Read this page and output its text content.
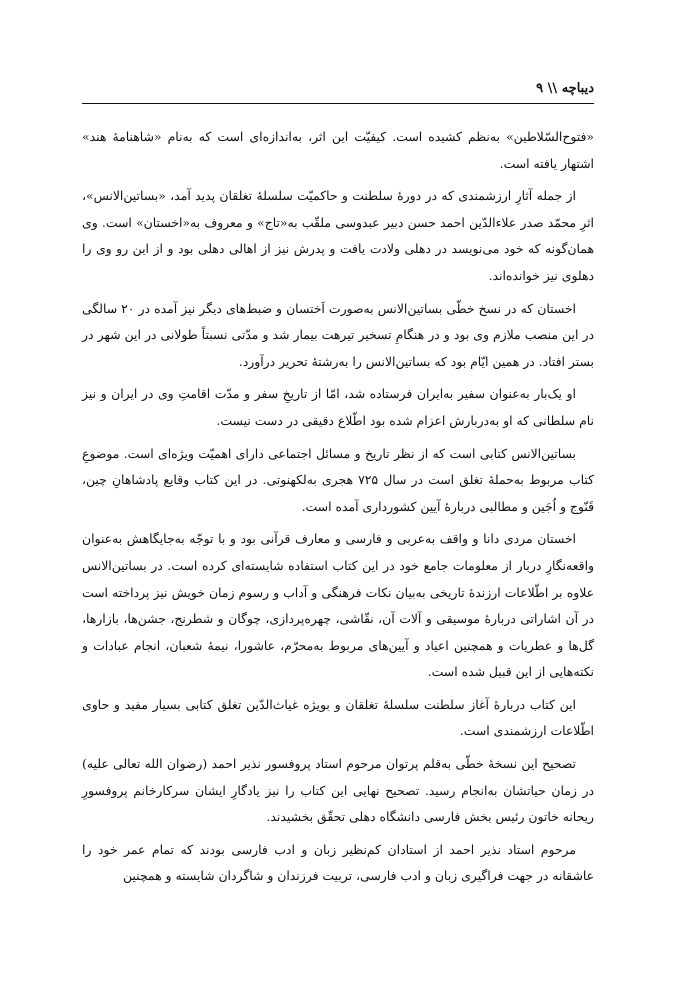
دیباچه \\ ۹

«فتوح‌السّلاطین» به‌نظم کشیده است. کیفیّت این اثر، به‌اندازه‌ای است که به‌نام «شاهنامهٔ هند» اشتهار یافته است.

از جمله آثارِ ارزشمندی که در دورهٔ سلطنت و حاکمیّت سلسلهٔ تغلقان پدید آمد، «بساتین‌الانس»، اثرِ محمّد صدر علاءالدّین احمد حسن دبیر عبدوسی ملقّب به«تاج» و معروف به«اخستان» است. وی همان‌گونه که خود می‌نویسد در دهلی ولادت یافت و پدرش نیز از اهالی دهلی بود و از این رو وی را دهلوی نیز خوانده‌اند.

اخستان که در نسخ خطّی بساتین‌الانس به‌صورت اَختسان و ضبط‌های دیگر نیز آمده در ۲۰ سالگی در این منصب ملازم وی بود و در هنگامِ تسخیر تیرهت بیمار شد و مدّتی نسبتاً طولانی در این شهر در بستر افتاد. در همین ایّام بود که بساتین‌الانس را به‌رشتهٔ تحریر درآورد.

او یک‌بار به‌عنوان سفیر به‌ایران فرستاده شد، امّا از تاریخِ سفر و مدّت اقامتِ وی در ایران و نیز نام سلطانی که او به‌دربارش اعزام شده بود اطّلاع دقیقی در دست نیست.

بساتین‌الانس کتابی است که از نظر تاریخ و مسائل اجتماعی دارای اهمیّت ویژه‌ای است. موضوعِ کتاب مربوط به‌حملهٔ تغلق است در سال ۷۲۵ هجری به‌لکهنوتی. در این کتاب وقایع پادشاهانِ چین، قَنّوج و اُجَین و مطالبی دربارهٔ آیین کشورداری آمده است.

اخستان مردی دانا و واقف به‌عربی و فارسی و معارف قرآنی بود و با توجّه به‌جایگاهش به‌عنوان واقعه‌نگارِ دربار از معلومات جامع خود در این کتاب استفاده شایسته‌ای کرده است. در بساتین‌الانس علاوه بر اطّلاعات ارزندهٔ تاریخی به‌بیان نکات فرهنگی و آداب و رسوم زمان خویش نیز پرداخته است در آن اشاراتی دربارهٔ موسیقی و آلات آن، نقّاشی، چهره‌پردازی، چوگان و شطرنج، جشن‌ها، بازارها، گل‌ها و عطریات و همچنین اعیاد و آیین‌های مربوط به‌محرّم، عاشورا، نیمهٔ شعبان، انجام عبادات و نکته‌هایی از این قبیل شده است.

این کتاب دربارهٔ آغاز سلطنت سلسلهٔ تغلقان و بویژه غیاث‌الدّین تغلق کتابی بسیار مفید و حاوی اطّلاعات ارزشمندی است.

تصحیح این نسخهٔ خطّی به‌قلم پرتوان مرحوم استاد پروفسور نذیر احمد (رضوان الله تعالی علیه) در زمان حیاتشان به‌انجام رسید. تصحیح نهایی این کتاب را نیز یادگارِ ایشان سرکارخانم پروفسورِ ریحانه خاتون رئیس بخش فارسی دانشگاه دهلی تحقّق بخشیدند.

مرحوم استاد نذیر احمد از استادان کم‌نظیر زبان و ادب فارسی بودند که تمام عمر خود را عاشقانه در جهت فراگیری زبان و ادب فارسی، تربیت فرزندان و شاگردان شایسته و همچنین
